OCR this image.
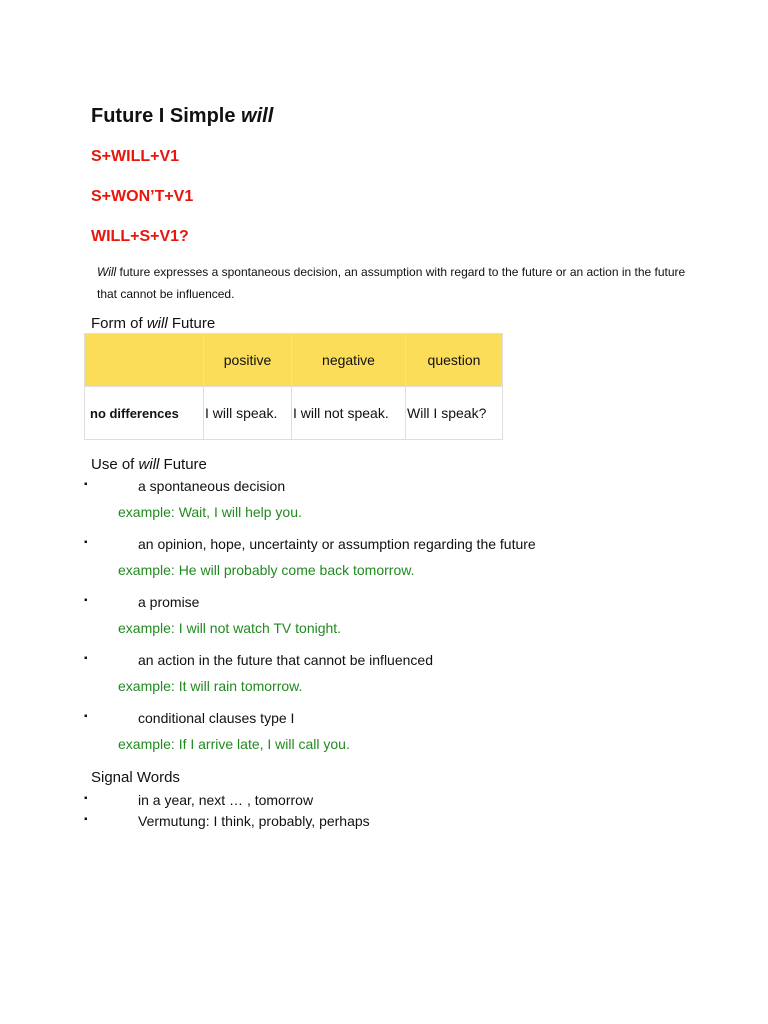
Future I Simple will
S+WILL+V1
S+WON’T+V1
WILL+S+V1?
Will future expresses a spontaneous decision, an assumption with regard to the future or an action in the future that cannot be influenced.
Form of will Future
	positive	negative	question
no differences	I will speak.	I will not speak.	Will I speak?
Use of will Future
▪	a spontaneous decision
example: Wait, I will help you.
▪	an opinion, hope, uncertainty or assumption regarding the future
example: He will probably come back tomorrow.
▪	a promise
example: I will not watch TV tonight.
▪	an action in the future that cannot be influenced
example: It will rain tomorrow.
▪	conditional clauses type I
example: If I arrive late, I will call you.
Signal Words
▪	in a year, next … , tomorrow
▪	Vermutung: I think, probably, perhaps
